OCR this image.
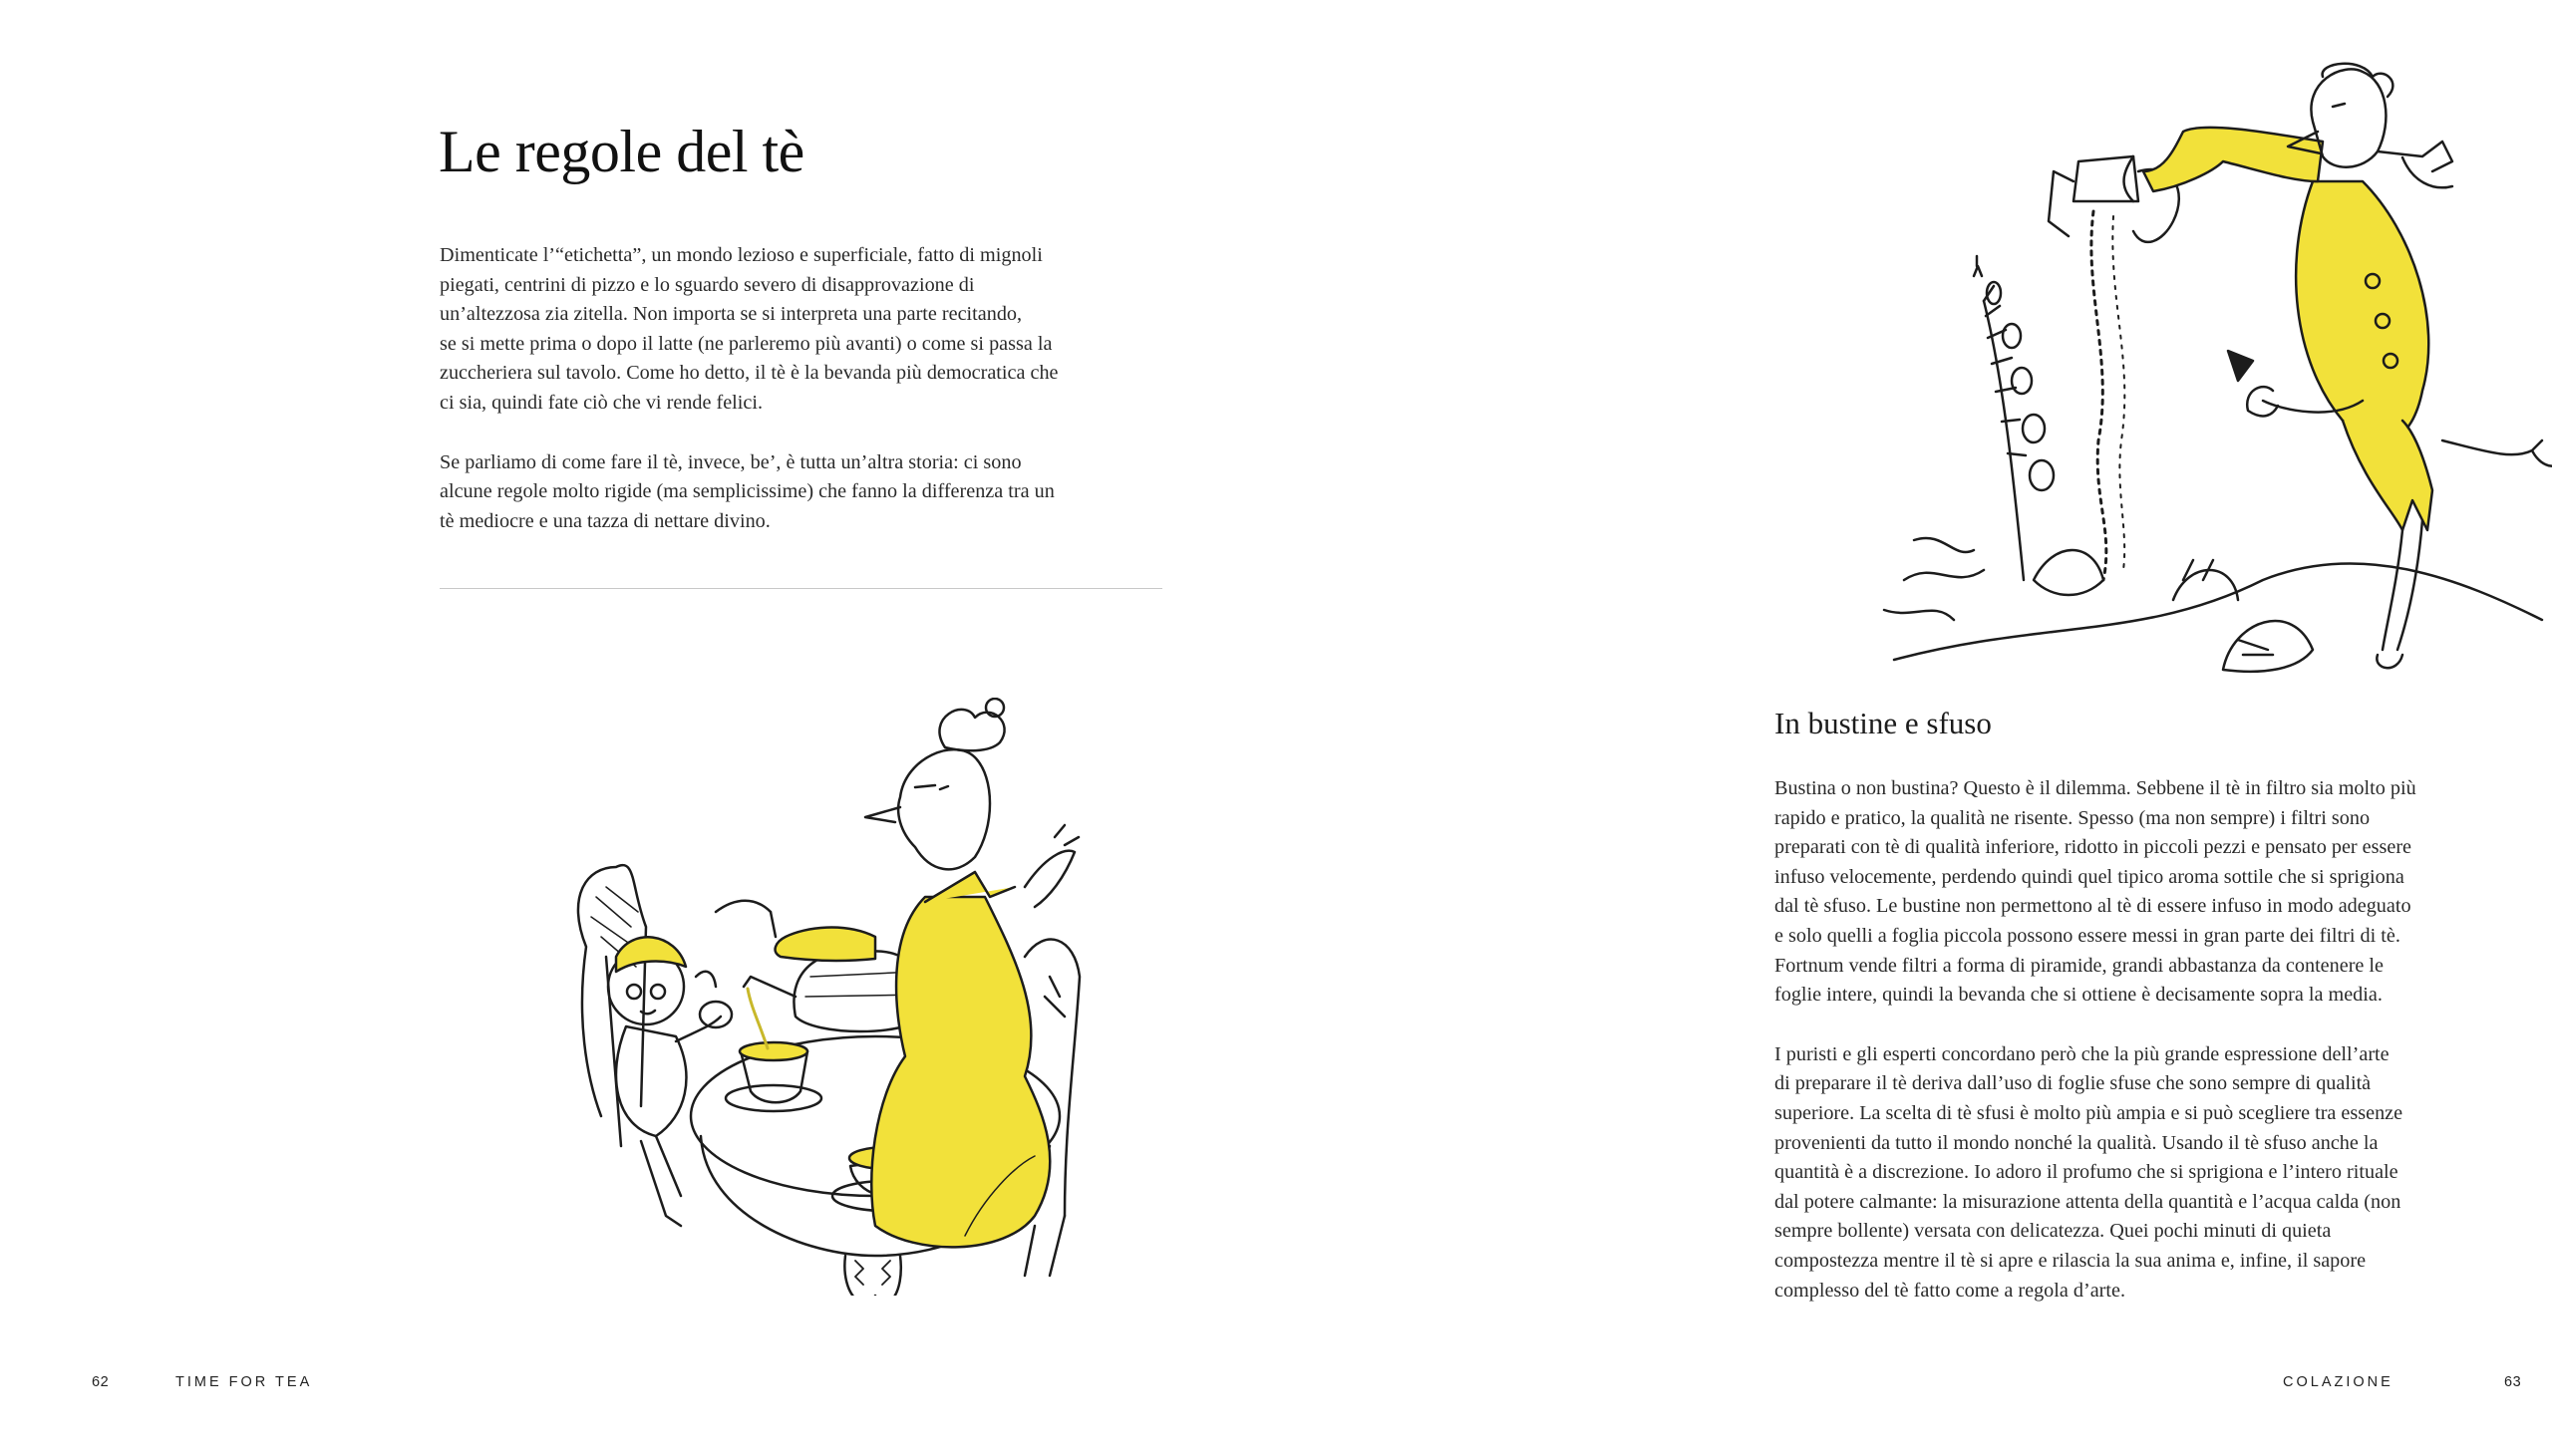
Le regole del tè

Dimenticate l’“etichetta”, un mondo lezioso e superficiale, fatto di mignoli
piegati, centrini di pizzo e lo sguardo severo di disapprovazione di
un’altezzosa zia zitella. Non importa se si interpreta una parte recitando,
se si mette prima o dopo il latte (ne parleremo più avanti) o come si passa la
zuccheriera sul tavolo. Come ho detto, il tè è la bevanda più democratica che
ci sia, quindi fate ciò che vi rende felici.

Se parliamo di come fare il tè, invece, be’, è tutta un’altra storia: ci sono
alcune regole molto rigide (ma semplicissime) che fanno la differenza tra un
tè mediocre e una tazza di nettare divino.

62	TIME FOR TEA
In bustine e sfuso

Bustina o non bustina? Questo è il dilemma. Sebbene il tè in filtro sia molto più
rapido e pratico, la qualità ne risente. Spesso (ma non sempre) i filtri sono
preparati con tè di qualità inferiore, ridotto in piccoli pezzi e pensato per essere
infuso velocemente, perdendo quindi quel tipico aroma sottile che si sprigiona
dal tè sfuso. Le bustine non permettono al tè di essere infuso in modo adeguato
e solo quelli a foglia piccola possono essere messi in gran parte dei filtri di tè.
Fortnum vende filtri a forma di piramide, grandi abbastanza da contenere le
foglie intere, quindi la bevanda che si ottiene è decisamente sopra la media.

I puristi e gli esperti concordano però che la più grande espressione dell’arte
di preparare il tè deriva dall’uso di foglie sfuse che sono sempre di qualità
superiore. La scelta di tè sfusi è molto più ampia e si può scegliere tra essenze
provenienti da tutto il mondo nonché la qualità. Usando il tè sfuso anche la
quantità è a discrezione. Io adoro il profumo che si sprigiona e l’intero rituale
dal potere calmante: la misurazione attenta della quantità e l’acqua calda (non
sempre bollente) versata con delicatezza. Quei pochi minuti di quieta
compostezza mentre il tè si apre e rilascia la sua anima e, infine, il sapore
complesso del tè fatto come a regola d’arte.

COLAZIONE	63
